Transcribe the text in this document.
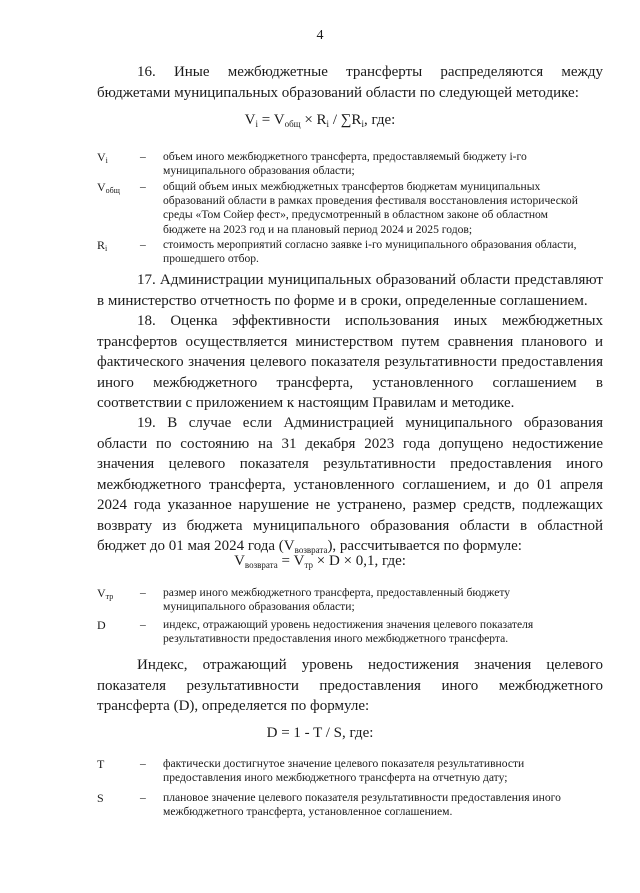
4
16. Иные межбюджетные трансферты распределяются между бюджетами муниципальных образований области по следующей методике:
$V_i = V_{общ} \times R_i / \sum R_i$, где:
$V_i$	–	объем иного межбюджетного трансферта, предоставляемый бюджету i-го муниципального образования области;
$V_{общ}$	–	общий объем иных межбюджетных трансфертов бюджетам муниципальных образований области в рамках проведения фестиваля восстановления исторической среды «Том Сойер фест», предусмотренный в областном законе об областном бюджете на 2023 год и на плановый период 2024 и 2025 годов;
$R_i$	–	стоимость мероприятий согласно заявке i-го муниципального образования области, прошедшего отбор.
17. Администрации муниципальных образований области представляют в министерство отчетность по форме и в сроки, определенные соглашением.
18. Оценка эффективности использования иных межбюджетных трансфертов осуществляется министерством путем сравнения планового и фактического значения целевого показателя результативности предоставления иного межбюджетного трансферта, установленного соглашением в соответствии с приложением к настоящим Правилам и методике.
19. В случае если Администрацией муниципального образования области по состоянию на 31 декабря 2023 года допущено недостижение значения целевого показателя результативности предоставления иного межбюджетного трансферта, установленного соглашением, и до 01 апреля 2024 года указанное нарушение не устранено, размер средств, подлежащих возврату из бюджета муниципального образования области в областной бюджет до 01 мая 2024 года $(V_{возврата})$, рассчитывается по формуле:
$V_{возврата} = V_{тр} \times D \times 0,1$, где:
$V_{тр}$	–	размер иного межбюджетного трансферта, предоставленный бюджету муниципального образования области;
D	–	индекс, отражающий уровень недостижения значения целевого показателя результативности предоставления иного межбюджетного трансферта.
Индекс, отражающий уровень недостижения значения целевого показателя результативности предоставления иного межбюджетного трансферта (D), определяется по формуле:
D = 1 - T / S, где:
T	–	фактически достигнутое значение целевого показателя результативности предоставления иного межбюджетного трансферта на отчетную дату;
S	–	плановое значение целевого показателя результативности предоставления иного межбюджетного трансферта, установленное соглашением.
